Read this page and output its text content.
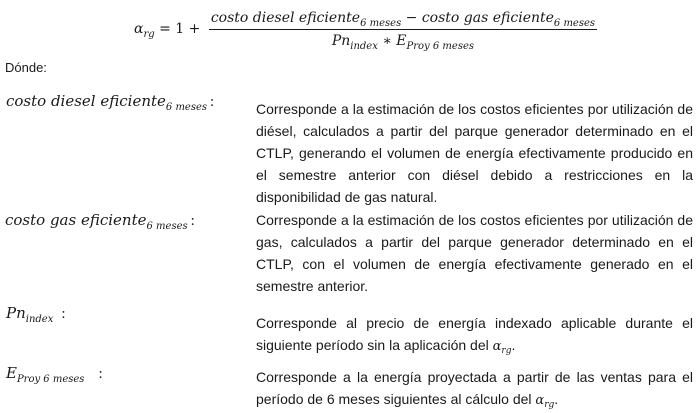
α rg = $1 + \frac{costo diesel eficiente_{6 meses} - costo gas eficiente_{6 meses}}{Pn_{index} ∗ E_{Proy 6 meses}}$
Dónde:
costo diesel eficiente$_{6 meses}$ :	Corresponde a la estimación de los costos eficientes por utilización de diésel, calculados a partir del parque generador determinado en el CTLP, generando el volumen de energía efectivamente producido en el semestre anterior con diésel debido a restricciones en la disponibilidad de gas natural.
costo gas eficiente$_{6 meses}$ :	Corresponde a la estimación de los costos eficientes por utilización de gas, calculados a partir del parque generador determinado en el CTLP, con el volumen de energía efectivamente generado en el semestre anterior.
$Pn_{index}$ :
Corresponde al precio de energía indexado aplicable durante el siguiente período sin la aplicación del $\alpha_{rg}$.
$E_{Proy 6 meses}$ :	Corresponde a la energía proyectada a partir de las ventas para el período de 6 meses siguientes al cálculo del $\alpha_{rg}$.
